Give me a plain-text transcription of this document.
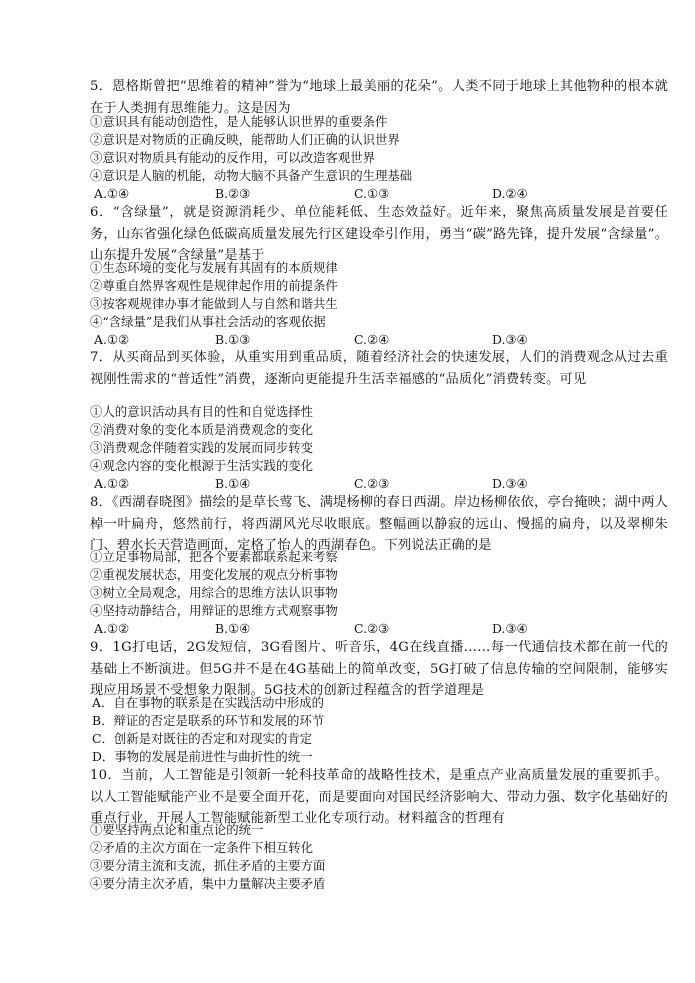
5．恩格斯曾把“思维着的精神”誉为“地球上最美丽的花朵”。人类不同于地球上其他物种的根本就在于人类拥有思维能力。这是因为
①意识具有能动创造性，是人能够认识世界的重要条件
②意识是对物质的正确反映，能帮助人们正确的认识世界
③意识对物质具有能动的反作用，可以改造客观世界
④意识是人脑的机能，动物大脑不具备产生意识的生理基础
A.①④	B.②③	C.①③	D.②④
6．“含绿量”，就是资源消耗少、单位能耗低、生态效益好。近年来，聚焦高质量发展是首要任务，山东省强化绿色低碳高质量发展先行区建设牵引作用，勇当“碳”路先锋，提升发展“含绿量”。山东提升发展“含绿量”是基于
①生态环境的变化与发展有其固有的本质规律
②尊重自然界客观性是规律起作用的前提条件
③按客观规律办事才能做到人与自然和谐共生
④“含绿量”是我们从事社会活动的客观依据
A.①②	B.①③	C.②④	D.③④
7．从买商品到买体验，从重实用到重品质，随着经济社会的快速发展，人们的消费观念从过去重视刚性需求的“普适性”消费，逐渐向更能提升生活幸福感的“品质化”消费转变。可见
①人的意识活动具有目的性和自觉选择性
②消费对象的变化本质是消费观念的变化
③消费观念伴随着实践的发展而同步转变
④观念内容的变化根源于生活实践的变化
A.①②	B.①④	C.②③	D.③④
8．《西湖春晓图》描绘的是草长莺飞、满堤杨柳的春日西湖。岸边杨柳依依，亭台掩映；湖中两人棹一叶扁舟，悠然前行，将西湖风光尽收眼底。整幅画以静寂的远山、慢摇的扁舟，以及翠柳朱门、碧水长天营造画面，定格了怡人的西湖春色。下列说法正确的是
①立足事物局部，把各个要素都联系起来考察
②重视发展状态，用变化发展的观点分析事物
③树立全局观念，用综合的思维方法认识事物
④坚持动静结合，用辩证的思维方式观察事物
A.①②	B.①④	C.②③	D.③④
9．1G打电话，2G发短信，3G看图片、听音乐，4G在线直播……每一代通信技术都在前一代的基础上不断演进。但5G并不是在4G基础上的简单改变，5G打破了信息传输的空间限制，能够实现应用场景不受想象力限制。5G技术的创新过程蕴含的哲学道理是
A．自在事物的联系是在实践活动中形成的
B．辩证的否定是联系的环节和发展的环节
C．创新是对既往的否定和对现实的肯定
D．事物的发展是前进性与曲折性的统一
10．当前，人工智能是引领新一轮科技革命的战略性技术，是重点产业高质量发展的重要抓手。以人工智能赋能产业不是要全面开花，而是要面向对国民经济影响大、带动力强、数字化基础好的重点行业，开展人工智能赋能新型工业化专项行动。材料蕴含的哲理有
①要坚持两点论和重点论的统一
②矛盾的主次方面在一定条件下相互转化
③要分清主流和支流，抓住矛盾的主要方面
④要分清主次矛盾，集中力量解决主要矛盾
